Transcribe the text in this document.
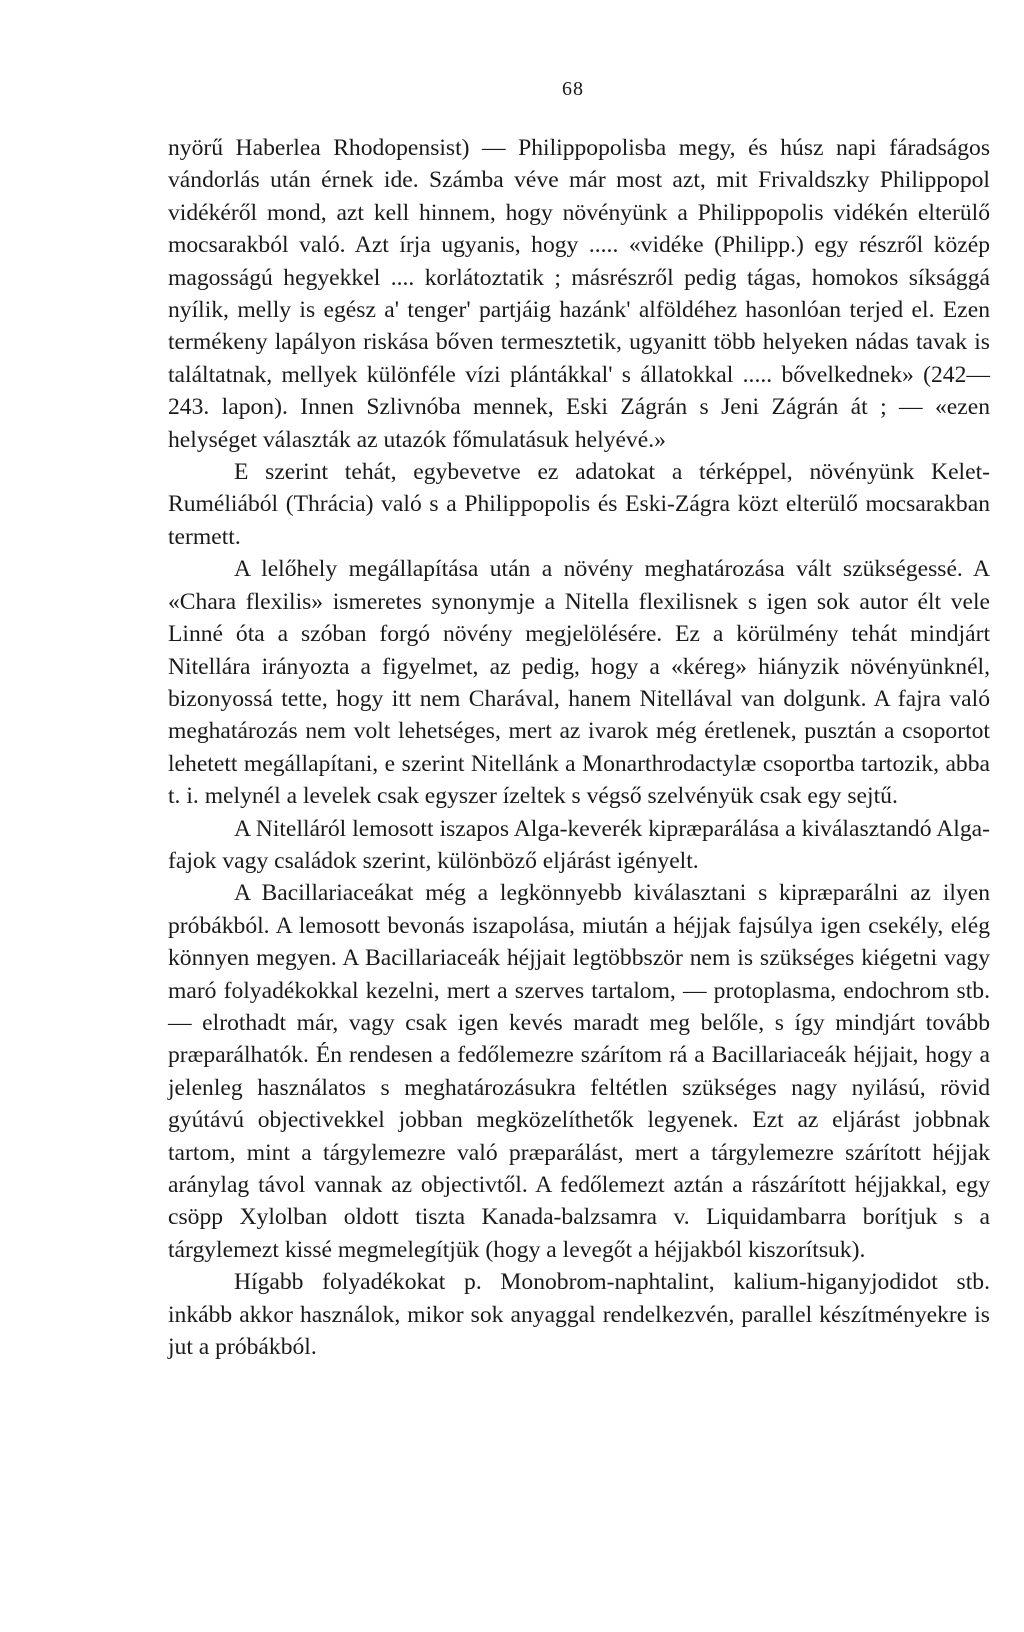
68

nyörű Haberlea Rhodopensist) — Philippopolisba megy, és húsz napi fáradságos vándorlás után érnek ide. Számba véve már most azt, mit Frivaldszky Philippopol vidékéről mond, azt kell hinnem, hogy növényünk a Philippopolis vidékén elterülő mocsarakból való. Azt írja ugyanis, hogy ..... «vidéke (Philipp.) egy részről közép magosságú hegyekkel .... korlátoztatik ; másrészről pedig tágas, homokos síksággá nyílik, melly is egész a' tenger' partjáig hazánk' alföldéhez hasonlóan terjed el. Ezen termékeny lapályon riskása bőven termesztetik, ugyanitt több helyeken nádas tavak is találtatnak, mellyek különféle vízi plántákkal' s állatokkal ..... bővelkednek» (242—243. lapon). Innen Szlivnóba mennek, Eski Zágrán s Jeni Zágrán át ; — «ezen helységet választák az utazók főmulatásuk helyévé.»

E szerint tehát, egybevetve ez adatokat a térképpel, növényünk Kelet-Ruméliából (Thrácia) való s a Philippopolis és Eski-Zágra közt elterülő mocsarakban termett.

A lelőhely megállapítása után a növény meghatározása vált szükségessé. A «Chara flexilis» ismeretes synonymje a Nitella flexilisnek s igen sok autor élt vele Linné óta a szóban forgó növény megjelölésére. Ez a körülmény tehát mindjárt Nitellára irányozta a figyelmet, az pedig, hogy a «kéreg» hiányzik növényünknél, bizonyossá tette, hogy itt nem Charával, hanem Nitellával van dolgunk. A fajra való meghatározás nem volt lehetséges, mert az ivarok még éretlenek, pusztán a csoportot lehetett megállapítani, e szerint Nitellánk a Monarthrodactylæ csoportba tartozik, abba t. i. melynél a levelek csak egyszer ízeltek s végső szelvényük csak egy sejtű.

A Nitelláról lemosott iszapos Alga-keverék kipræparálása a kiválasztandó Alga-fajok vagy családok szerint, különböző eljárást igényelt.

A Bacillariaceákat még a legkönnyebb kiválasztani s kipræparálni az ilyen próbákból. A lemosott bevonás iszapolása, miután a héjjak fajsúlya igen csekély, elég könnyen megyen. A Bacillariaceák héjjait legtöbbször nem is szükséges kiégetni vagy maró folyadékokkal kezelni, mert a szerves tartalom, — protoplasma, endochrom stb. — elrothadt már, vagy csak igen kevés maradt meg belőle, s így mindjárt tovább præparálhatók. Én rendesen a fedőlemezre szárítom rá a Bacillariaceák héjjait, hogy a jelenleg használatos s meghatározásukra feltétlen szükséges nagy nyilású, rövid gyútávú objectivekkel jobban megközelíthetők legyenek. Ezt az eljárást jobbnak tartom, mint a tárgylemezre való præparálást, mert a tárgylemezre szárított héjjak aránylag távol vannak az objectivtől. A fedőlemezt aztán a rászárított héjjakkal, egy csöpp Xylolban oldott tiszta Kanada-balzsamra v. Liquidambarra borítjuk s a tárgylemezt kissé megmelegítjük (hogy a levegőt a héjjakból kiszorítsuk).

Hígabb folyadékokat p. Monobrom-naphtalint, kalium-higanyjodidot stb. inkább akkor használok, mikor sok anyaggal rendelkezvén, parallel készítményekre is jut a próbákból.
